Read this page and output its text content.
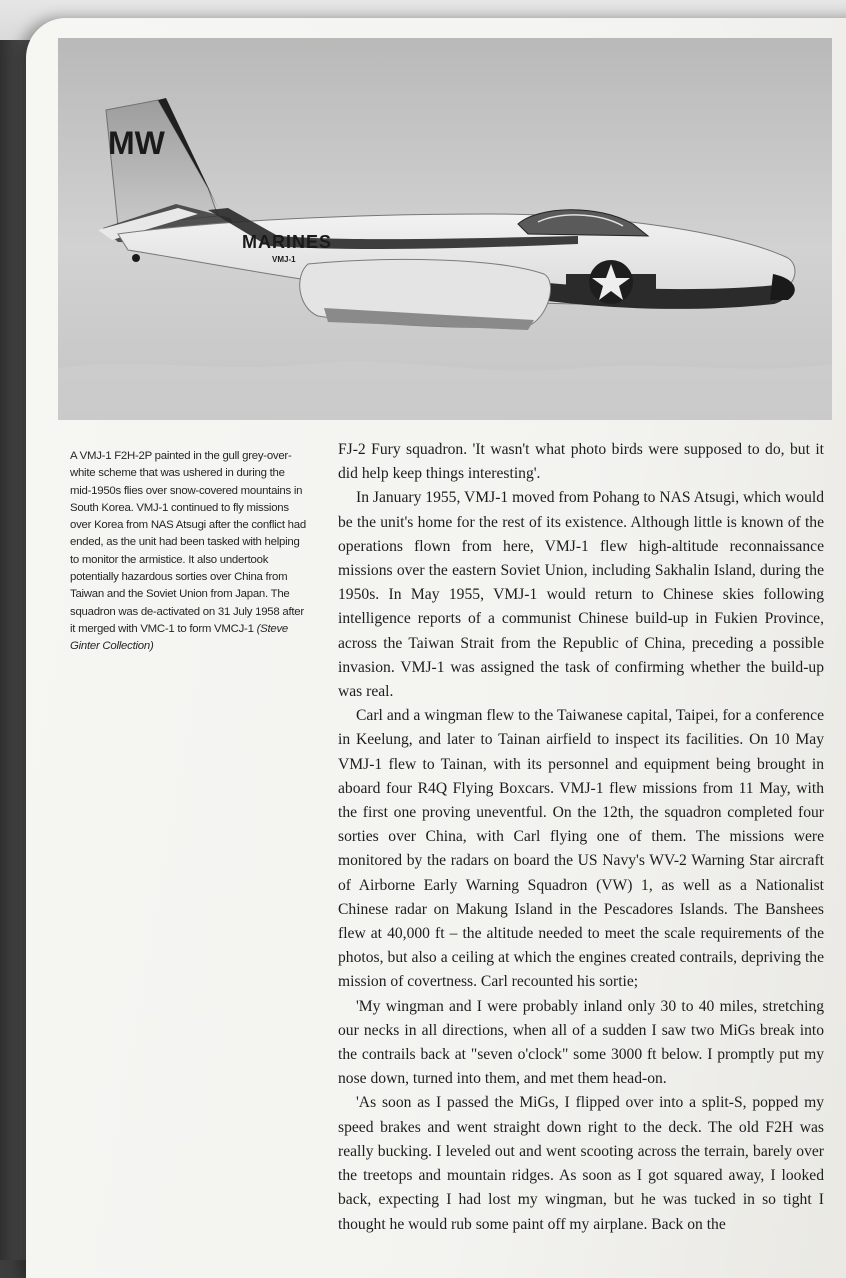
MW
MARINES
VMJ-1
A VMJ-1 F2H-2P painted in the gull grey-over-white scheme that was ushered in during the mid-1950s flies over snow-covered mountains in South Korea. VMJ-1 continued to fly missions over Korea from NAS Atsugi after the conflict had ended, as the unit had been tasked with helping to monitor the armistice. It also undertook potentially hazardous sorties over China from Taiwan and the Soviet Union from Japan. The squadron was de-activated on 31 July 1958 after it merged with VMC-1 to form VMCJ-1 (Steve Ginter Collection)

FJ-2 Fury squadron. 'It wasn't what photo birds were supposed to do, but it did help keep things interesting'.

In January 1955, VMJ-1 moved from Pohang to NAS Atsugi, which would be the unit's home for the rest of its existence. Although little is known of the operations flown from here, VMJ-1 flew high-altitude reconnaissance missions over the eastern Soviet Union, including Sakhalin Island, during the 1950s. In May 1955, VMJ-1 would return to Chinese skies following intelligence reports of a communist Chinese build-up in Fukien Province, across the Taiwan Strait from the Republic of China, preceding a possible invasion. VMJ-1 was assigned the task of confirming whether the build-up was real.

Carl and a wingman flew to the Taiwanese capital, Taipei, for a conference in Keelung, and later to Tainan airfield to inspect its facilities. On 10 May VMJ-1 flew to Tainan, with its personnel and equipment being brought in aboard four R4Q Flying Boxcars. VMJ-1 flew missions from 11 May, with the first one proving uneventful. On the 12th, the squadron completed four sorties over China, with Carl flying one of them. The missions were monitored by the radars on board the US Navy's WV-2 Warning Star aircraft of Airborne Early Warning Squadron (VW) 1, as well as a Nationalist Chinese radar on Makung Island in the Pescadores Islands. The Banshees flew at 40,000 ft – the altitude needed to meet the scale requirements of the photos, but also a ceiling at which the engines created contrails, depriving the mission of covertness. Carl recounted his sortie;

'My wingman and I were probably inland only 30 to 40 miles, stretching our necks in all directions, when all of a sudden I saw two MiGs break into the contrails back at "seven o'clock" some 3000 ft below. I promptly put my nose down, turned into them, and met them head-on.

'As soon as I passed the MiGs, I flipped over into a split-S, popped my speed brakes and went straight down right to the deck. The old F2H was really bucking. I leveled out and went scooting across the terrain, barely over the treetops and mountain ridges. As soon as I got squared away, I looked back, expecting I had lost my wingman, but he was tucked in so tight I thought he would rub some paint off my airplane. Back on the
